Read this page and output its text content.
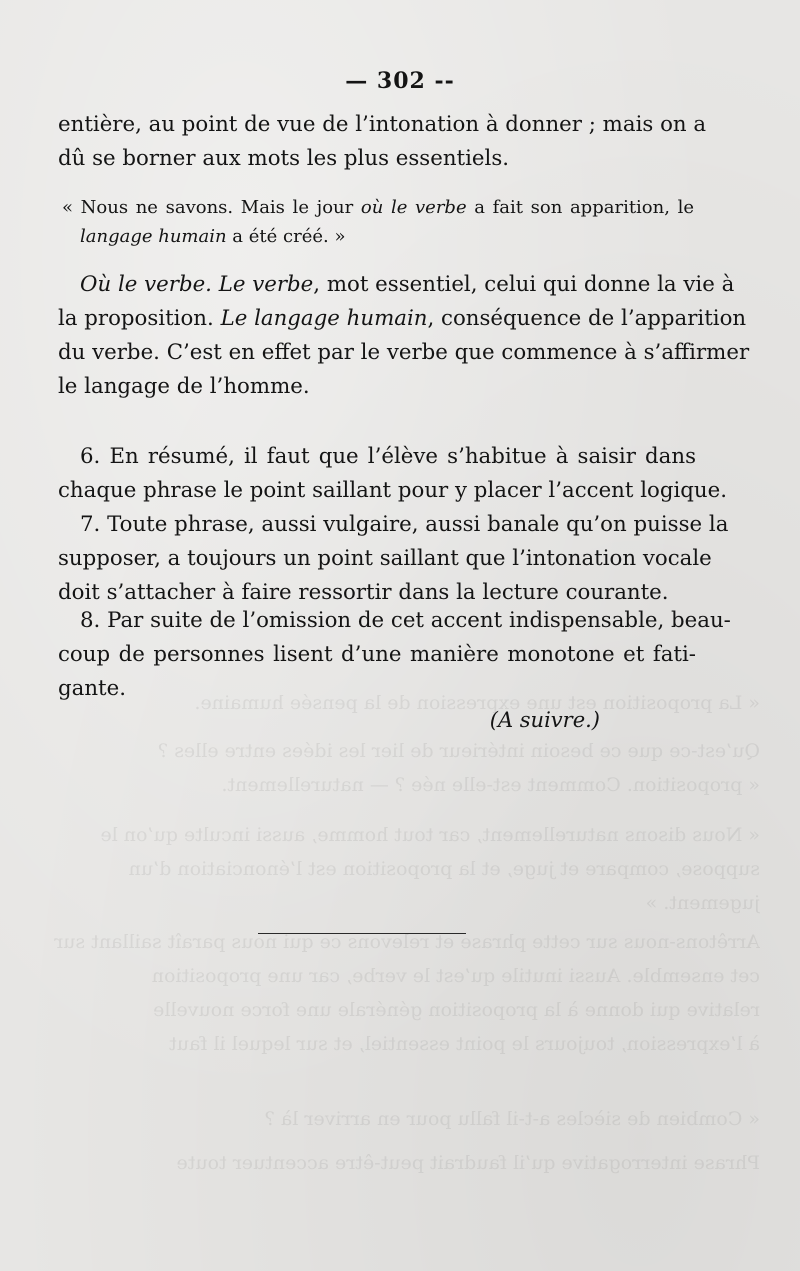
« La proposition est une expression de la pensée humaine.
Qu’est-ce que ce besoin intérieur de lier les idées entre elles ?
« proposition. Comment est-elle née ? — naturellement.
« Nous disons naturellement, car tout homme, aussi inculte qu’on le
suppose, compare et juge, et la proposition est l’énonciation d’un
jugement. »
Arrêtons-nous sur cette phrase et relevons ce qui nous paraît saillant sur
cet ensemble. Aussi inutile qu’est le verbe, car une proposition
relative qui donne à la proposition générale une force nouvelle
à l’expression, toujours le point essentiel, et sur lequel il faut
« Combien de siècles a-t-il fallu pour en arriver là ?
Phrase interrogative qu’il faudrait peut-être accentuer toute
— 302 --
entière, au point de vue de l’intonation à donner ; mais on a
dû se borner aux mots les plus essentiels.
« Nous ne savons. Mais le jour où le verbe a fait son apparition, le
langage humain a été créé. »
Où le verbe. Le verbe, mot essentiel, celui qui donne la vie à
la proposition. Le langage humain, conséquence de l’apparition
du verbe. C’est en effet par le verbe que commence à s’affirmer
le langage de l’homme.
6. En résumé, il faut que l’élève s’habitue à saisir dans
chaque phrase le point saillant pour y placer l’accent logique.
7. Toute phrase, aussi vulgaire, aussi banale qu’on puisse la
supposer, a toujours un point saillant que l’intonation vocale
doit s’attacher à faire ressortir dans la lecture courante.
8. Par suite de l’omission de cet accent indispensable, beau-
coup de personnes lisent d’une manière monotone et fati-
gante.
(A suivre.)
